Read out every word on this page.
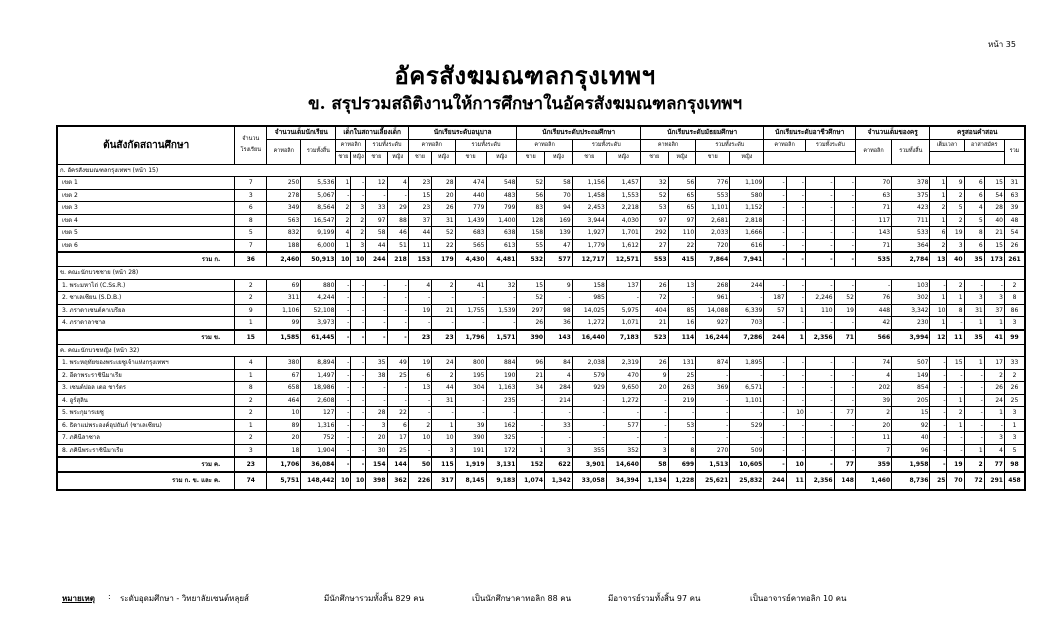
หน้า 35
อัครสังฆมณฑลกรุงเทพฯ
ข. สรุปรวมสถิติงานให้การศึกษาในอัครสังฆมณฑลกรุงเทพฯ
ต้นสังกัดสถานศึกษา	จำนวนโรงเรียน	จำนวนเต็มนักเรียน		เด็กในสถานเลี้ยงเด็ก				นักเรียนระดับอนุบาล				นักเรียนระดับประถมศึกษา				นักเรียนระดับมัธยมศึกษา				นักเรียนระดับอาชีวศึกษา				จำนวนเต็มของครู		ครูสอนคำสอน				
		คาทอลิก	รวมทั้งสิ้น	คาทอลิก		รวมทั้งระดับ		คาทอลิก		รวมทั้งระดับ		คาทอลิก		รวมทั้งระดับ		คาทอลิก		รวมทั้งระดับ		คาทอลิก		รวมทั้งระดับ		คาทอลิก	รวมทั้งสิ้น	เต็มเวลา		อาสาสมัคร		รวม
				ชาย	หญิง	ชาย	หญิง	ชาย	หญิง	ชาย	หญิง	ชาย	หญิง	ชาย	หญิง	ชาย	หญิง	ชาย	หญิง											
ก. อัครสังฆมณฑลกรุงเทพฯ (หน้า 15)																														
เขต 1	7	250	5,536	1	-	12	4	23	28	474	548	52	58	1,156	1,457	32	56	776	1,109	-	-	-	-	70	378	1	9	6	15	31
เขต 2	3	278	5,067	-	-	-	-	15	20	440	483	56	70	1,458	1,553	52	65	553	580	-	-	-	-	63	375	1	2	6	54	63
เขต 3	6	349	8,564	2	3	33	29	23	26	779	799	83	94	2,453	2,218	53	65	1,101	1,152	-	-	-	-	71	423	2	5	4	28	39
เขต 4	8	563	16,547	2	2	97	88	37	31	1,439	1,400	128	169	3,944	4,030	97	97	2,681	2,818	-	-	-	-	117	711	1	2	5	40	48
เขต 5	5	832	9,199	4	2	58	46	44	52	683	638	158	139	1,927	1,701	292	110	2,033	1,666	-	-	-	-	143	533	6	19	8	21	54
เขต 6	7	188	6,000	1	3	44	51	11	22	565	613	55	47	1,779	1,612	27	22	720	616	-	-	-	-	71	364	2	3	6	15	26
รวม ก.	36	2,460	50,913	10	10	244	218	153	179	4,430	4,481	532	577	12,717	12,571	553	415	7,864	7,941	-	-	-	-	535	2,784	13	40	35	173	261
ข. คณะนักบวชชาย (หน้า 28)																														
1. พระมหาไถ่ (C.Ss.R.)	2	69	880	-	-	-	-	4	2	41	32	15	9	158	137	26	13	268	244	-	-	-	-	-	103	-	2	-	-	2
2. ซาเลเซียน (S.D.B.)	2	311	4,244	-	-	-	-	-	-	-	-	52	-	985	-	72	-	961	-	187	-	2,246	52	76	302	1	1	3	3	8
3. ภราดาเซนต์คาเบรียล	9	1,106	52,108	-	-	-	-	19	21	1,755	1,539	297	98	14,025	5,975	404	85	14,088	6,339	57	1	110	19	448	3,342	10	8	31	37	86
4. ภราดาลาซาล	1	99	3,973	-	-	-	-	-	-	-	-	26	36	1,272	1,071	21	16	927	703	-	-	-	-	42	230	1	-	1	1	3
รวม ข.	15	1,585	61,445	-	-	-	-	23	23	1,796	1,571	390	143	16,440	7,183	523	114	16,244	7,286	244	1	2,356	71	566	3,994	12	11	35	41	99
ค. คณะนักบวชหญิง (หน้า 32)																														
1. พระหฤทัยของพระเยซูเจ้าแห่งกรุงเทพฯ	4	380	8,894	-	-	35	49	19	24	800	884	96	84	2,038	2,319	26	131	874	1,895	-	-	-	-	74	507	-	15	1	17	33
2. อีดาพระราชินีมาเรีย	1	67	1,497	-	-	38	25	6	2	195	190	21	4	579	470	9	25	-	-	-	-	-	-	4	149	-	-	-	2	2
3. เซนต์ปอล เดอ ชาร์ตร	8	658	18,986	-	-	-	-	13	44	304	1,163	34	284	929	9,650	20	263	369	6,571	-	-	-	-	202	854	-	-	-	26	26
4. อูร์สุลิน	2	464	2,608	-	-	-	-	-	31	-	235	-	214	-	1,272	-	219	-	1,101	-	-	-	-	39	205	-	1	-	24	25
5. พระกุมารเยซู	2	10	127	-	-	28	22	-	-	-	-	-	-	-	-	-	-	-	-	-	10	-	77	2	15	-	2	-	1	3
6. ธิดาแม่พระองค์อุปถัมภ์ (ซาเลเซียน)	1	89	1,316	-	-	3	6	2	1	39	162	-	33	-	577	-	53	-	529	-	-	-	-	20	92	-	1	-	-	1
7. ภคินีลาซาล	2	20	752	-	-	20	17	10	10	390	325	-	-	-	-	-	-	-	-	-	-	-	-	11	40	-	-	-	3	3
8. ภคินีพระราชินีมาเรีย	3	18	1,904	-	-	30	25	-	3	191	172	1	3	355	352	3	8	270	509	-	-	-	-	7	96	-	-	1	4	5
รวม ค.	23	1,706	36,084	-	-	154	144	50	115	1,919	3,131	152	622	3,901	14,640	58	699	1,513	10,605	-	10	-	77	359	1,958	-	19	2	77	98
รวม ก. ข. และ ค.	74	5,751	148,442	10	10	398	362	226	317	8,145	9,183	1,074	1,342	33,058	34,394	1,134	1,228	25,621	25,832	244	11	2,356	148	1,460	8,736	25	70	72	291	458
หมายเหตุ : ระดับอุดมศึกษา - วิทยาลัยเซนต์หลุยส์	มีนักศึกษารวมทั้งสิ้น 829 คน	เป็นนักศึกษาคาทอลิก 88 คน	มีอาจารย์รวมทั้งสิ้น 97 คน	เป็นอาจารย์คาทอลิก 10 คน
